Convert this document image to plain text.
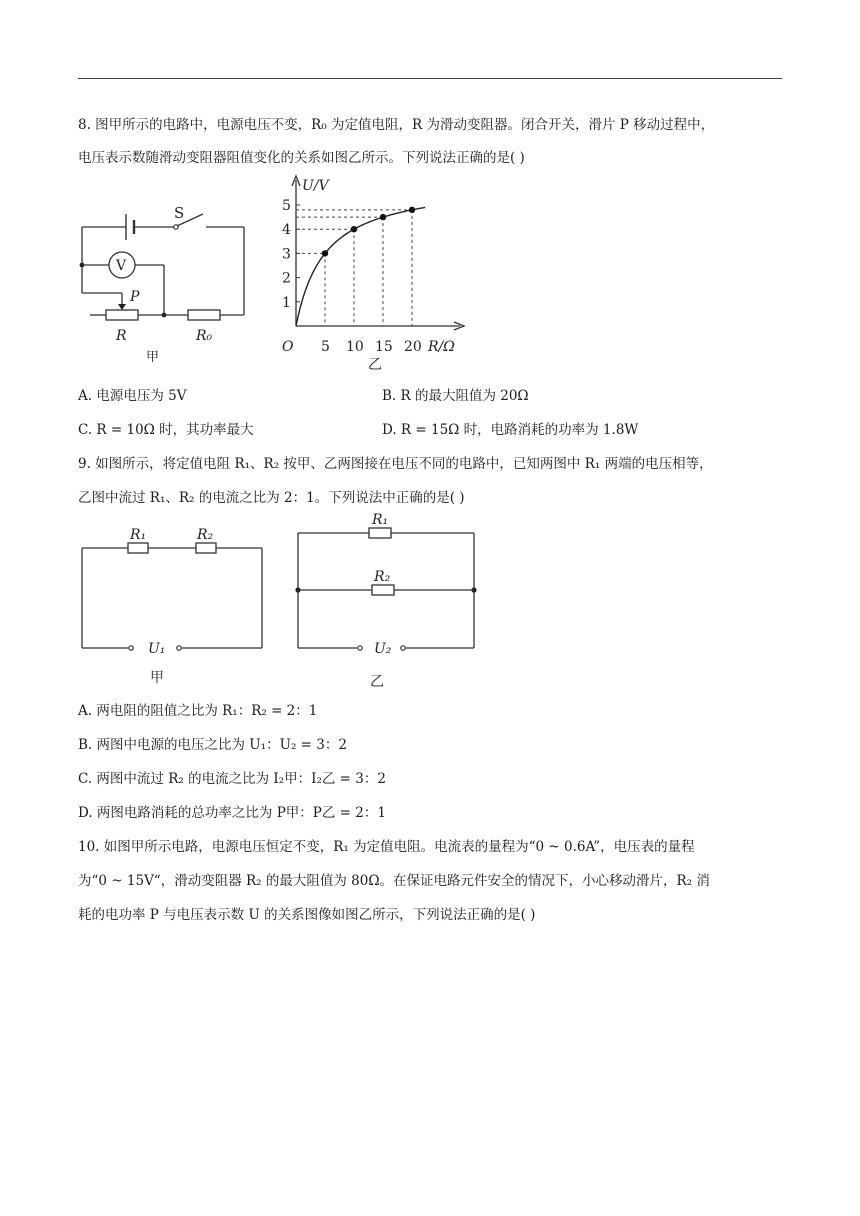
8. 图甲所示的电路中，电源电压不变，R₀ 为定值电阻，R 为滑动变阻器。闭合开关，滑片 P 移动过程中，
电压表示数随滑动变阻器阻值变化的关系如图乙所示。下列说法正确的是( )
S
V
P
R	R₀
甲
U/V
R/Ω
O
1
2
3
4
5
5 10 15 20
乙
A. 电源电压为 5V	B. R 的最大阻值为 20Ω
C. R = 10Ω 时，其功率最大	D. R = 15Ω 时，电路消耗的功率为 1.8W
9. 如图所示，将定值电阻 R₁、R₂ 按甲、乙两图接在电压不同的电路中，已知两图中 R₁ 两端的电压相等，
乙图中流过 R₁、R₂ 的电流之比为 2：1。下列说法中正确的是( )
R₁	R₂
U₁
甲
R₁
R₂
U₂
乙
A. 两电阻的阻值之比为 R₁：R₂ = 2：1
B. 两图中电源的电压之比为 U₁：U₂ = 3：2
C. 两图中流过 R₂ 的电流之比为 I₂甲：I₂乙 = 3：2
D. 两图电路消耗的总功率之比为 P甲：P乙 = 2：1
10. 如图甲所示电路，电源电压恒定不变，R₁ 为定值电阻。电流表的量程为“0 ~ 0.6A”，电压表的量程
为“0 ~ 15V“，滑动变阻器 R₂ 的最大阻值为 80Ω。在保证电路元件安全的情况下，小心移动滑片，R₂ 消
耗的电功率 P 与电压表示数 U 的关系图像如图乙所示，下列说法正确的是( )
